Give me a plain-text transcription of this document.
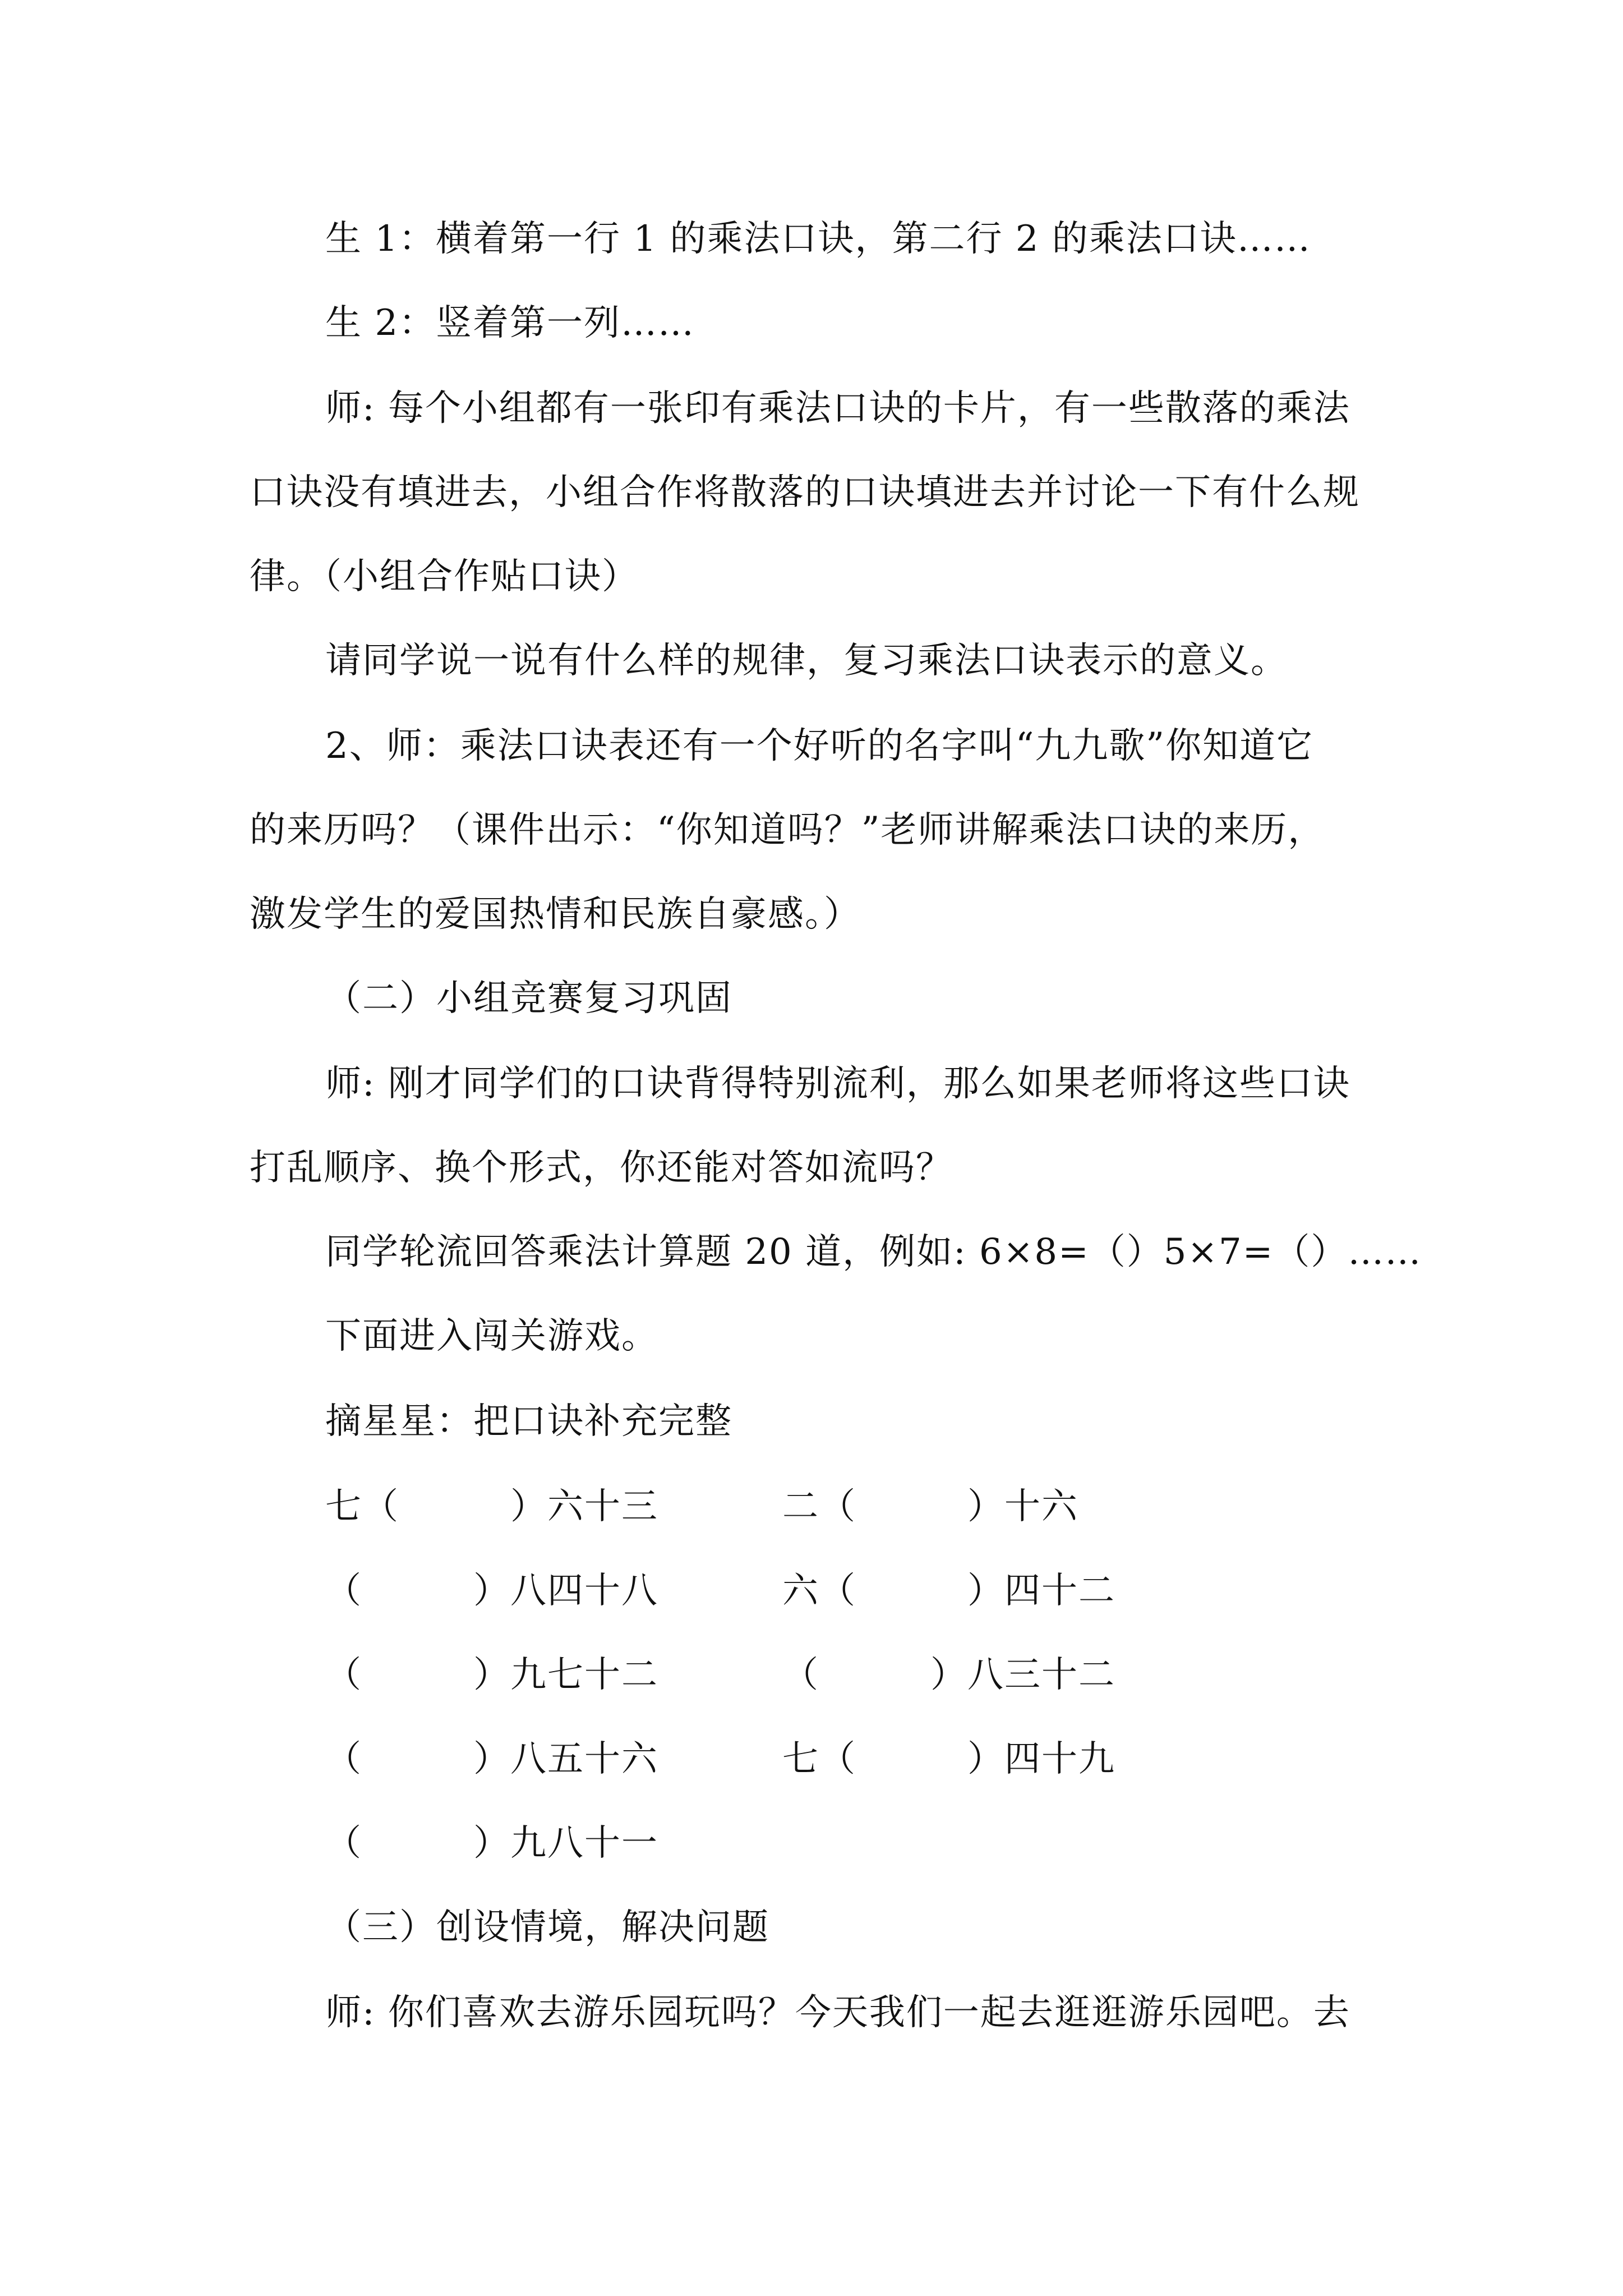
生 1：横着第一行 1 的乘法口诀，第二行 2 的乘法口诀……
生 2：竖着第一列……
师: 每个小组都有一张印有乘法口诀的卡片，有一些散落的乘法
口诀没有填进去，小组合作将散落的口诀填进去并讨论一下有什么规
律。（小组合作贴口诀）
请同学说一说有什么样的规律，复习乘法口诀表示的意义。
2、师：乘法口诀表还有一个好听的名字叫“九九歌”你知道它
的来历吗？（课件出示：“你知道吗？”老师讲解乘法口诀的来历，
激发学生的爱国热情和民族自豪感。）
（二）小组竞赛复习巩固
师: 刚才同学们的口诀背得特别流利，那么如果老师将这些口诀
打乱顺序、换个形式，你还能对答如流吗？
同学轮流回答乘法计算题 20 道，例如: 6×8=（）5×7=（）……
下面进入闯关游戏。
摘星星：把口诀补充完整
七（　　　）六十三	二（　　　）十六
（　　　）八四十八	六（　　　）四十二
（　　　）九七十二	（　　　）八三十二
（　　　）八五十六	七（　　　）四十九
（　　　）九八十一
（三）创设情境，解决问题
师: 你们喜欢去游乐园玩吗？今天我们一起去逛逛游乐园吧。去
